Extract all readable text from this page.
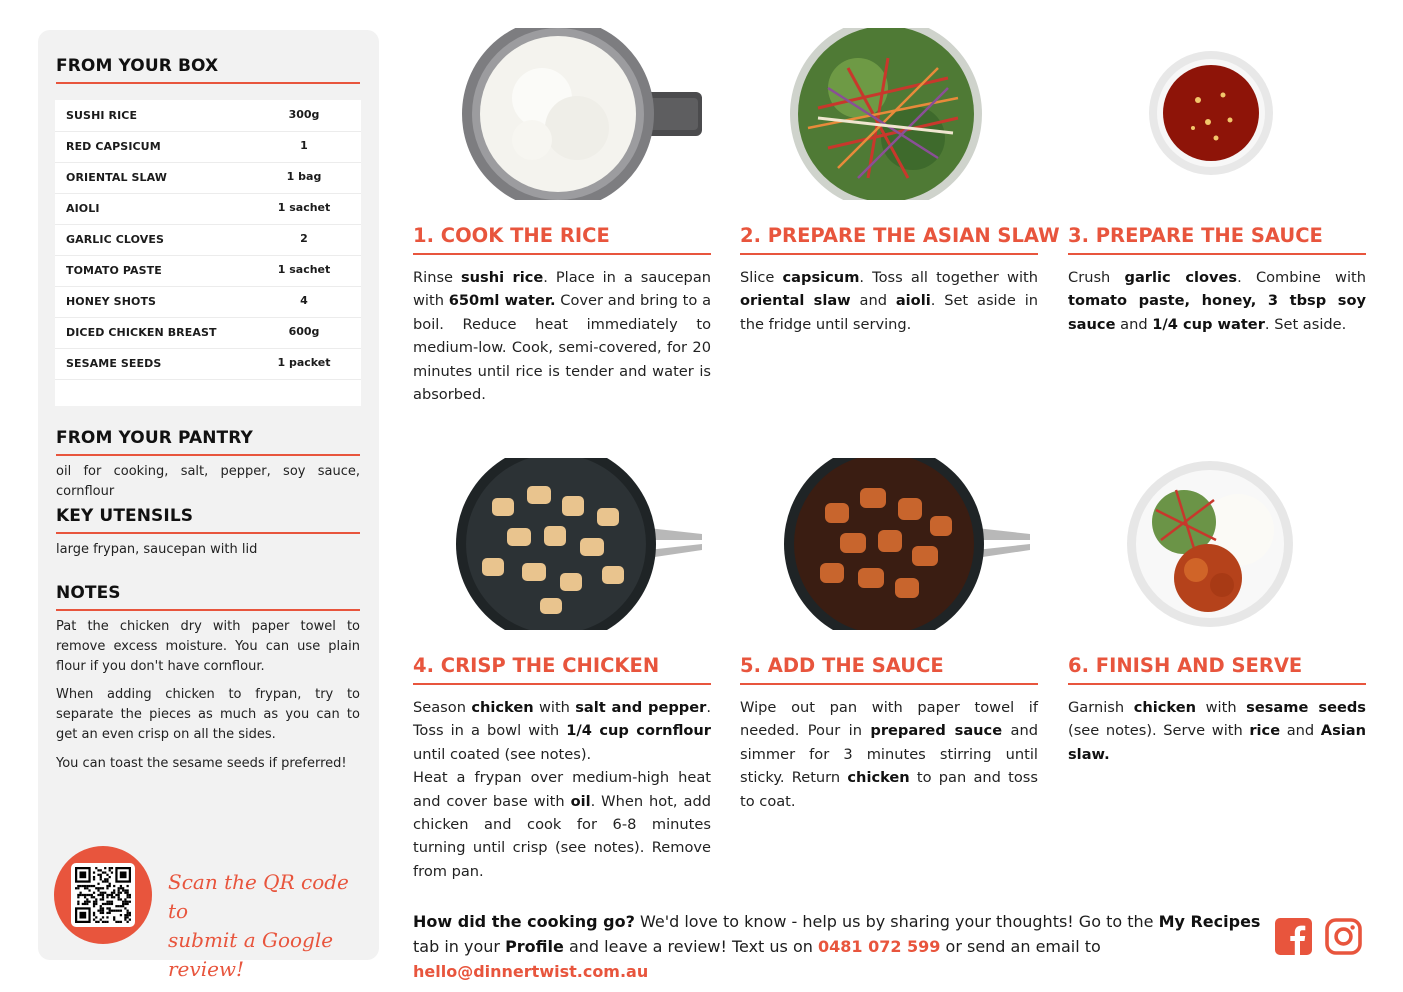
FROM YOUR BOX
SUSHI RICE	300g
RED CAPSICUM	1
ORIENTAL SLAW	1 bag
AIOLI	1 sachet
GARLIC CLOVES	2
TOMATO PASTE	1 sachet
HONEY SHOTS	4
DICED CHICKEN BREAST	600g
SESAME SEEDS	1 packet
FROM YOUR PANTRY

oil for cooking, salt, pepper, soy sauce, cornflour

KEY UTENSILS

large frypan, saucepan with lid

NOTES

Pat the chicken dry with paper towel to remove excess moisture. You can use plain flour if you don't have cornflour.

When adding chicken to frypan, try to separate the pieces as much as you can to get an even crisp on all the sides.

You can toast the sesame seeds if preferred!

Scan the QR code to
submit a Google review!

1. COOK THE RICE

Rinse sushi rice. Place in a saucepan with 650ml water. Cover and bring to a boil. Reduce heat immediately to medium-low. Cook, semi-covered, for 20 minutes until rice is tender and water is absorbed.

2. PREPARE THE ASIAN SLAW

Slice capsicum. Toss all together with oriental slaw and aioli. Set aside in the fridge until serving.

3. PREPARE THE SAUCE

Crush garlic cloves. Combine with tomato paste, honey, 3 tbsp soy sauce and 1/4 cup water. Set aside.

4. CRISP THE CHICKEN

Season chicken with salt and pepper. Toss in a bowl with 1/4 cup cornflour until coated (see notes).
Heat a frypan over medium-high heat and cover base with oil. When hot, add chicken and cook for 6-8 minutes turning until crisp (see notes). Remove from pan.

5. ADD THE SAUCE

Wipe out pan with paper towel if needed. Pour in prepared sauce and simmer for 3 minutes stirring until sticky. Return chicken to pan and toss to coat.

6. FINISH AND SERVE

Garnish chicken with sesame seeds (see notes). Serve with rice and Asian slaw.

How did the cooking go? We'd love to know - help us by sharing your thoughts! Go to the My Recipes tab in your Profile and leave a review! Text us on 0481 072 599 or send an email to hello@dinnertwist.com.au
